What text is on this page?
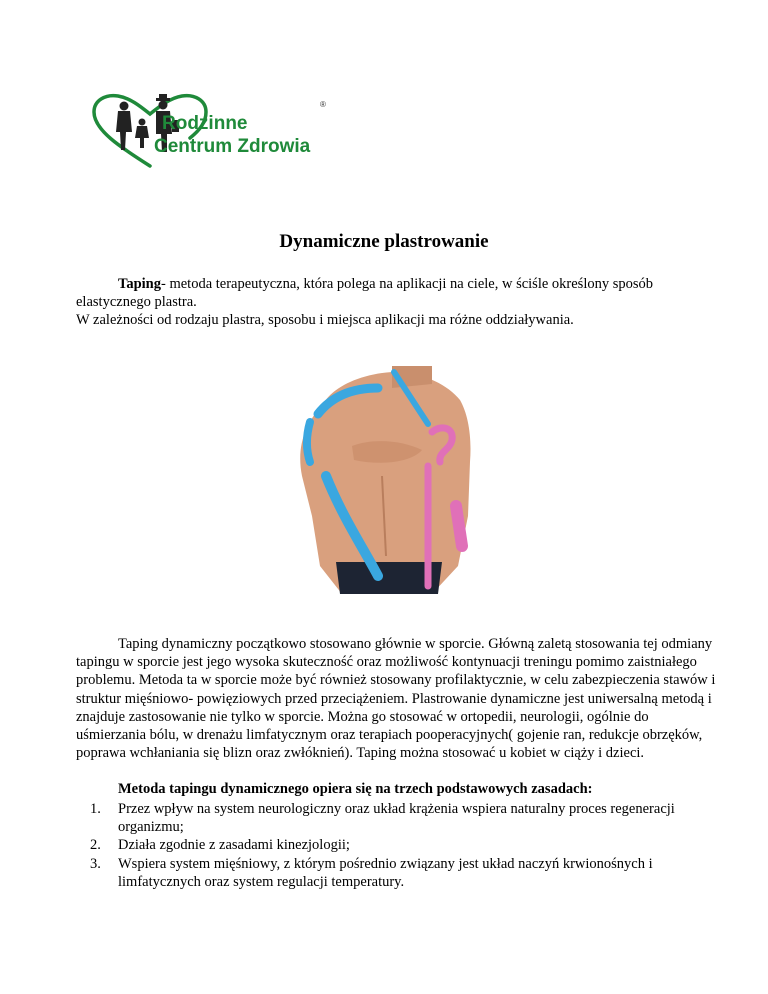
®
Rodzinne
Centrum Zdrowia
Dynamiczne plastrowanie

Taping- metoda terapeutyczna, która polega na aplikacji na ciele, w ściśle określony sposób elastycznego plastra.
W zależności od rodzaju plastra, sposobu i miejsca aplikacji ma różne oddziaływania.

Taping dynamiczny początkowo stosowano głównie w sporcie. Główną zaletą stosowania tej odmiany tapingu w sporcie jest jego wysoka skuteczność oraz możliwość kontynuacji treningu pomimo zaistniałego problemu. Metoda ta w sporcie może być również stosowany profilaktycznie, w celu zabezpieczenia stawów i struktur mięśniowo- powięziowych przed przeciążeniem. Plastrowanie dynamiczne jest uniwersalną metodą i znajduje zastosowanie nie tylko w sporcie. Można go stosować w ortopedii, neurologii, ogólnie do uśmierzania bólu, w drenażu limfatycznym oraz terapiach pooperacyjnych( gojenie ran, redukcje obrzęków, poprawa wchłaniania się blizn oraz zwłóknień). Taping można stosować u kobiet w ciąży i dzieci.

Metoda tapingu dynamicznego opiera się na trzech podstawowych zasadach:

1. Przez wpływ na system neurologiczny oraz układ krążenia wspiera naturalny proces regeneracji organizmu;
2. Działa zgodnie z zasadami kinezjologii;
3. Wspiera system mięśniowy, z którym pośrednio związany jest układ naczyń krwionośnych i limfatycznych oraz system regulacji temperatury.
